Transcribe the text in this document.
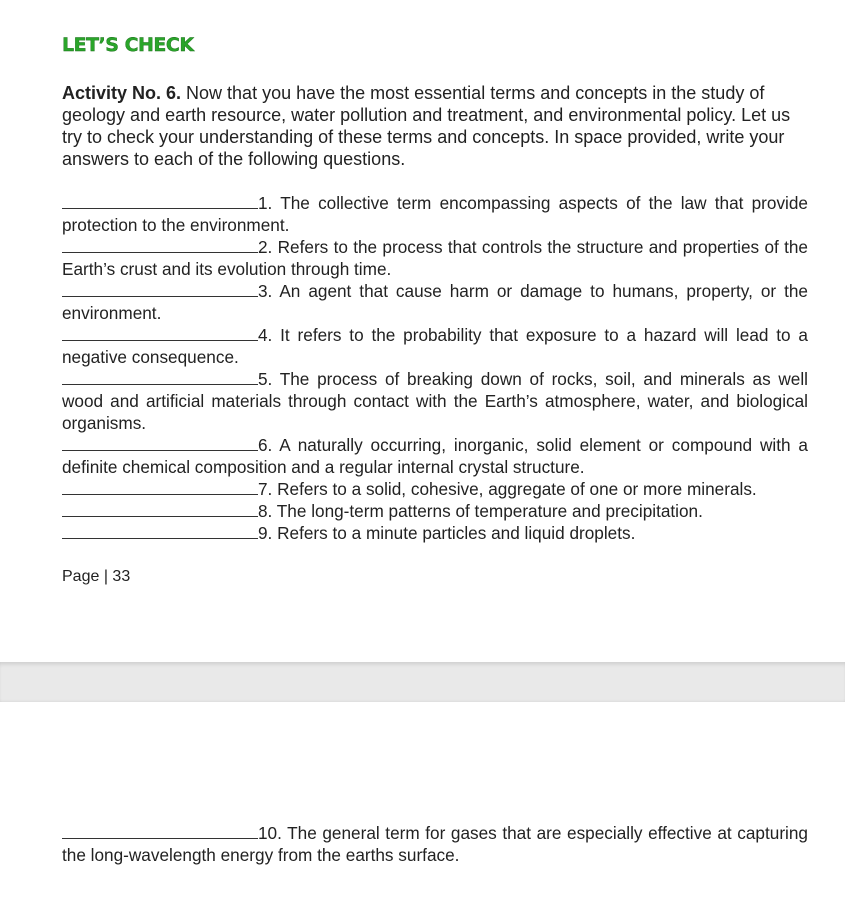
LET’S CHECK
Activity No. 6. Now that you have the most essential terms and concepts in the study of geology and earth resource, water pollution and treatment, and environmental policy. Let us try to check your understanding of these terms and concepts. In space provided, write your answers to each of the following questions.
1. The collective term encompassing aspects of the law that provide protection to the environment.
2. Refers to the process that controls the structure and properties of the Earth’s crust and its evolution through time.
3. An agent that cause harm or damage to humans, property, or the environment.
4. It refers to the probability that exposure to a hazard will lead to a negative consequence.
5. The process of breaking down of rocks, soil, and minerals as well wood and artificial materials through contact with the Earth’s atmosphere, water, and biological organisms.
6. A naturally occurring, inorganic, solid element or compound with a definite chemical composition and a regular internal crystal structure.
7. Refers to a solid, cohesive, aggregate of one or more minerals.
8. The long-term patterns of temperature and precipitation.
9. Refers to a minute particles and liquid droplets.
Page | 33
10. The general term for gases that are especially effective at capturing the long-wavelength energy from the earths surface.
